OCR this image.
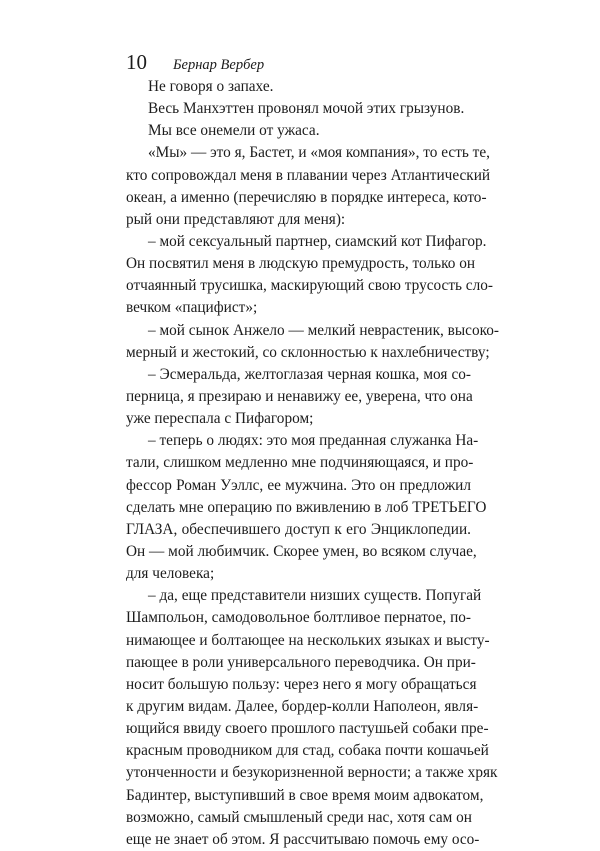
10 Бернар Вербер
Не говоря о запахе.
Весь Манхэттен провонял мочой этих грызунов.
Мы все онемели от ужаса.
«Мы» — это я, Бастет, и «моя компания», то есть те,
кто сопровождал меня в плавании через Атлантический
океан, а именно (перечисляю в порядке интереса, кото-
рый они представляют для меня):
– мой сексуальный партнер, сиамский кот Пифагор.
Он посвятил меня в людскую премудрость, только он
отчаянный трусишка, маскирующий свою трусость сло-
вечком «пацифист»;
– мой сынок Анжело — мелкий неврастеник, высоко-
мерный и жестокий, со склонностью к нахлебничеству;
– Эсмеральда, желтоглазая черная кошка, моя со-
перница, я презираю и ненавижу ее, уверена, что она
уже переспала с Пифагором;
– теперь о людях: это моя преданная служанка На-
тали, слишком медленно мне подчиняющаяся, и про-
фессор Роман Уэллс, ее мужчина. Это он предложил
сделать мне операцию по вживлению в лоб ТРЕТЬЕГО
ГЛАЗА, обеспечившего доступ к его Энциклопедии.
Он — мой любимчик. Скорее умен, во всяком случае,
для человека;
– да, еще представители низших существ. Попугай
Шампольон, самодовольное болтливое пернатое, по-
нимающее и болтающее на нескольких языках и высту-
пающее в роли универсального переводчика. Он при-
носит большую пользу: через него я могу обращаться
к другим видам. Далее, бордер-колли Наполеон, явля-
ющийся ввиду своего прошлого пастушьей собаки пре-
красным проводником для стад, собака почти кошачьей
утонченности и безукоризненной верности; а также хряк
Бадинтер, выступивший в свое время моим адвокатом,
возможно, самый смышленый среди нас, хотя сам он
еще не знает об этом. Я рассчитываю помочь ему осо-
